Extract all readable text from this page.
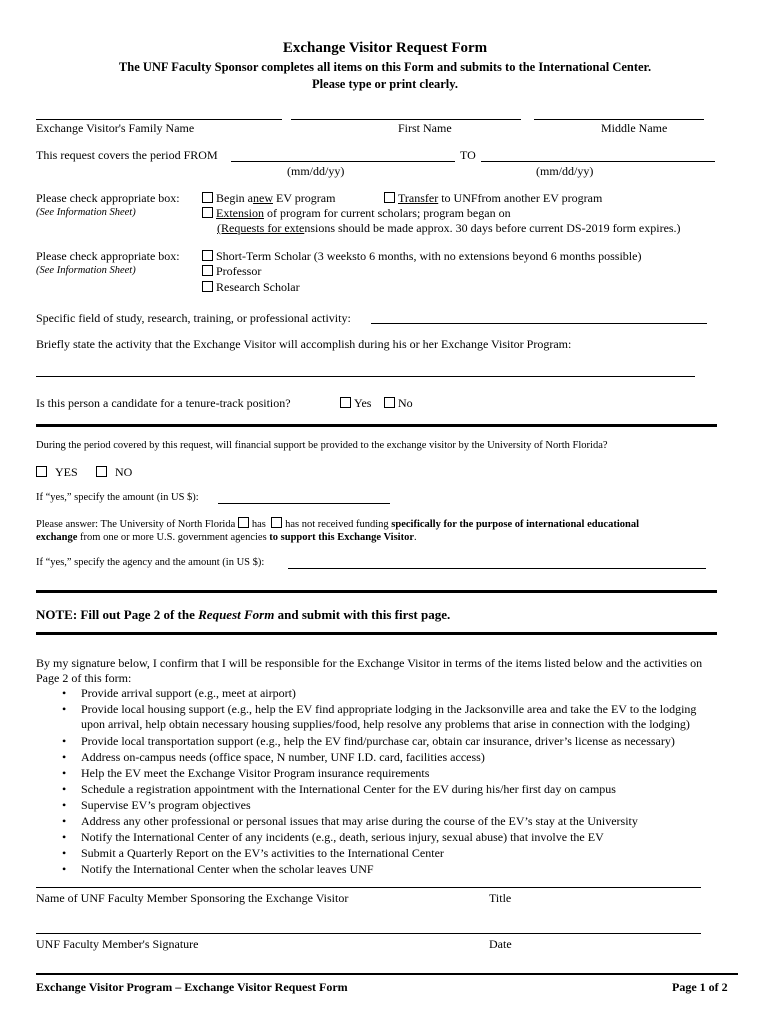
Exchange Visitor Request Form
The UNF Faculty Sponsor completes all items on this Form and submits to the International Center.
Please type or print clearly.
Exchange Visitor's Family Name	First Name	Middle Name
This request covers the period FROM	TO
(mm/dd/yy)	(mm/dd/yy)
Please check appropriate box:
(See Information Sheet)
Begin anew EV program	Transfer to UNFfrom another EV program
Extension of program for current scholars; program began on
(Requests for extensions should be made approx. 30 days before current DS-2019 form expires.)
Please check appropriate box:
(See Information Sheet)
Short-Term Scholar (3 weeksto 6 months, with no extensions beyond 6 months possible)
Professor
Research Scholar
Specific field of study, research, training, or professional activity:
Briefly state the activity that the Exchange Visitor will accomplish during his or her Exchange Visitor Program:
Is this person a candidate for a tenure-track position?	Yes	No
During the period covered by this request, will financial support be provided to the exchange visitor by the University of North Florida?
YES	NO
If “yes,” specify the amount (in US $):
Please answer: The University of North Florida has has not received funding specifically for the purpose of international educational
exchange from one or more U.S. government agencies to support this Exchange Visitor.
If “yes,” specify the agency and the amount (in US $):
NOTE: Fill out Page 2 of the Request Form and submit with this first page.
By my signature below, I confirm that I will be responsible for the Exchange Visitor in terms of the items listed below and the activities on
Page 2 of this form:
• Provide arrival support (e.g., meet at airport)
• Provide local housing support (e.g., help the EV find appropriate lodging in the Jacksonville area and take the EV to the lodging
upon arrival, help obtain necessary housing supplies/food, help resolve any problems that arise in connection with the lodging)
• Provide local transportation support (e.g., help the EV find/purchase car, obtain car insurance, driver’s license as necessary)
• Address on-campus needs (office space, N number, UNF I.D. card, facilities access)
• Help the EV meet the Exchange Visitor Program insurance requirements
• Schedule a registration appointment with the International Center for the EV during his/her first day on campus
• Supervise EV’s program objectives
• Address any other professional or personal issues that may arise during the course of the EV’s stay at the University
• Notify the International Center of any incidents (e.g., death, serious injury, sexual abuse) that involve the EV
• Submit a Quarterly Report on the EV’s activities to the International Center
• Notify the International Center when the scholar leaves UNF
Name of UNF Faculty Member Sponsoring the Exchange Visitor	Title
UNF Faculty Member's Signature	Date
Exchange Visitor Program – Exchange Visitor Request Form	Page 1 of 2
